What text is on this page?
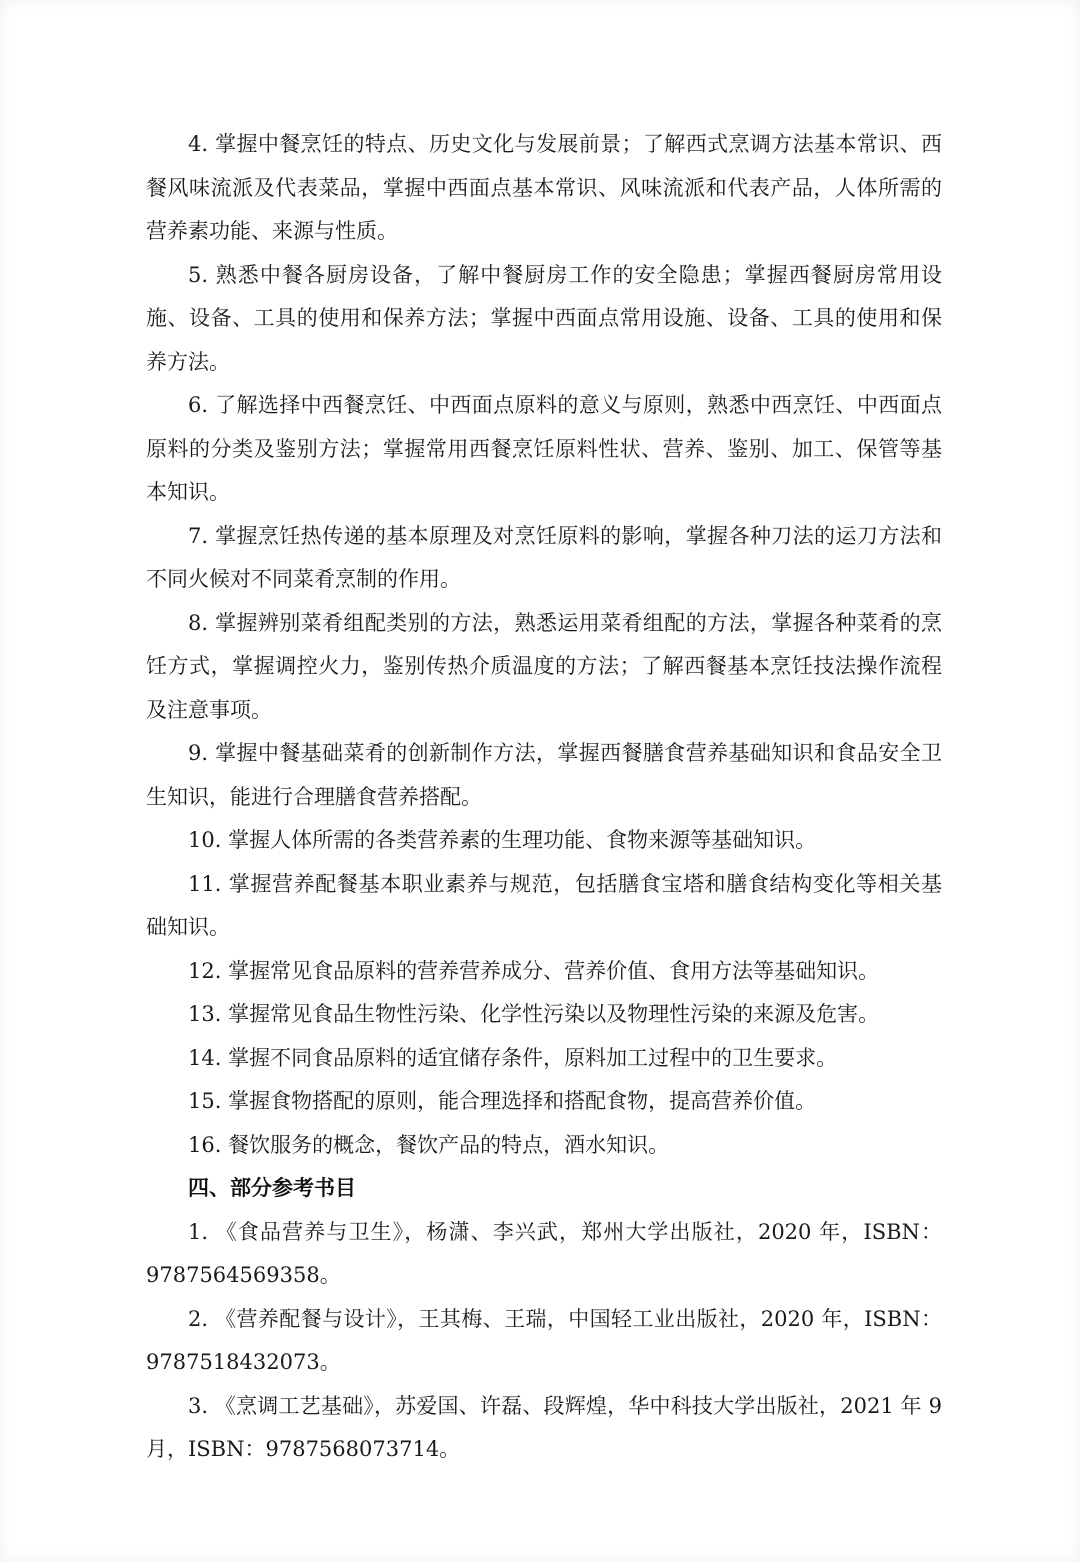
4. 掌握中餐烹饪的特点、历史文化与发展前景；了解西式烹调方法基本常识、西餐风味流派及代表菜品，掌握中西面点基本常识、风味流派和代表产品，人体所需的营养素功能、来源与性质。

5. 熟悉中餐各厨房设备，了解中餐厨房工作的安全隐患；掌握西餐厨房常用设施、设备、工具的使用和保养方法；掌握中西面点常用设施、设备、工具的使用和保养方法。

6. 了解选择中西餐烹饪、中西面点原料的意义与原则，熟悉中西烹饪、中西面点原料的分类及鉴别方法；掌握常用西餐烹饪原料性状、营养、鉴别、加工、保管等基本知识。

7. 掌握烹饪热传递的基本原理及对烹饪原料的影响，掌握各种刀法的运刀方法和不同火候对不同菜肴烹制的作用。

8. 掌握辨别菜肴组配类别的方法，熟悉运用菜肴组配的方法，掌握各种菜肴的烹饪方式，掌握调控火力，鉴别传热介质温度的方法；了解西餐基本烹饪技法操作流程及注意事项。

9. 掌握中餐基础菜肴的创新制作方法，掌握西餐膳食营养基础知识和食品安全卫生知识，能进行合理膳食营养搭配。

10. 掌握人体所需的各类营养素的生理功能、食物来源等基础知识。

11. 掌握营养配餐基本职业素养与规范，包括膳食宝塔和膳食结构变化等相关基础知识。

12. 掌握常见食品原料的营养营养成分、营养价值、食用方法等基础知识。

13. 掌握常见食品生物性污染、化学性污染以及物理性污染的来源及危害。

14. 掌握不同食品原料的适宜储存条件，原料加工过程中的卫生要求。

15. 掌握食物搭配的原则，能合理选择和搭配食物，提高营养价值。

16. 餐饮服务的概念，餐饮产品的特点，酒水知识。

四、部分参考书目

1. 《食品营养与卫生》，杨潇、李兴武，郑州大学出版社，2020 年，ISBN：9787564569358。

2. 《营养配餐与设计》，王其梅、王瑞，中国轻工业出版社，2020 年，ISBN：9787518432073。

3. 《烹调工艺基础》，苏爱国、许磊、段辉煌，华中科技大学出版社，2021 年 9 月，ISBN：9787568073714。
